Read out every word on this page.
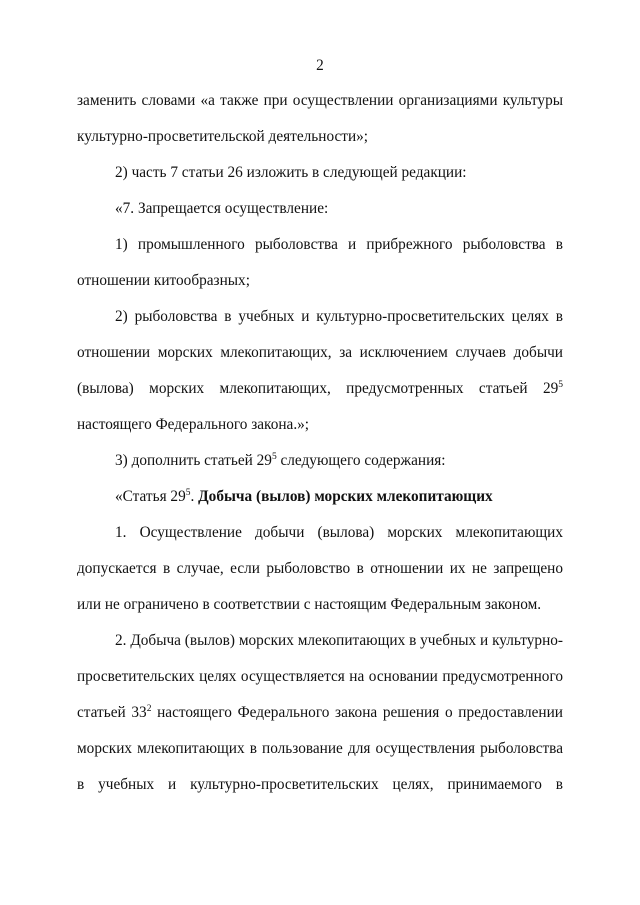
2
заменить словами «а также при осуществлении организациями культуры
культурно-просветительской деятельности»;
2) часть 7 статьи 26 изложить в следующей редакции:
«7. Запрещается осуществление:
1) промышленного рыболовства и прибрежного рыболовства в
отношении китообразных;
2) рыболовства в учебных и культурно-просветительских целях в
отношении морских млекопитающих, за исключением случаев добычи
(вылова) морских млекопитающих, предусмотренных статьей $29^5$
настоящего Федерального закона.»;
3) дополнить статьей $29^5$ следующего содержания:
«Статья $29^5$. Добыча (вылов) морских млекопитающих
1. Осуществление добычи (вылова) морских млекопитающих
допускается в случае, если рыболовство в отношении их не запрещено
или не ограничено в соответствии с настоящим Федеральным законом.
2. Добыча (вылов) морских млекопитающих в учебных и культурно-
просветительских целях осуществляется на основании предусмотренного
статьей $33^2$ настоящего Федерального закона решения о предоставлении
морских млекопитающих в пользование для осуществления рыболовства
в учебных и культурно-просветительских целях, принимаемого в
